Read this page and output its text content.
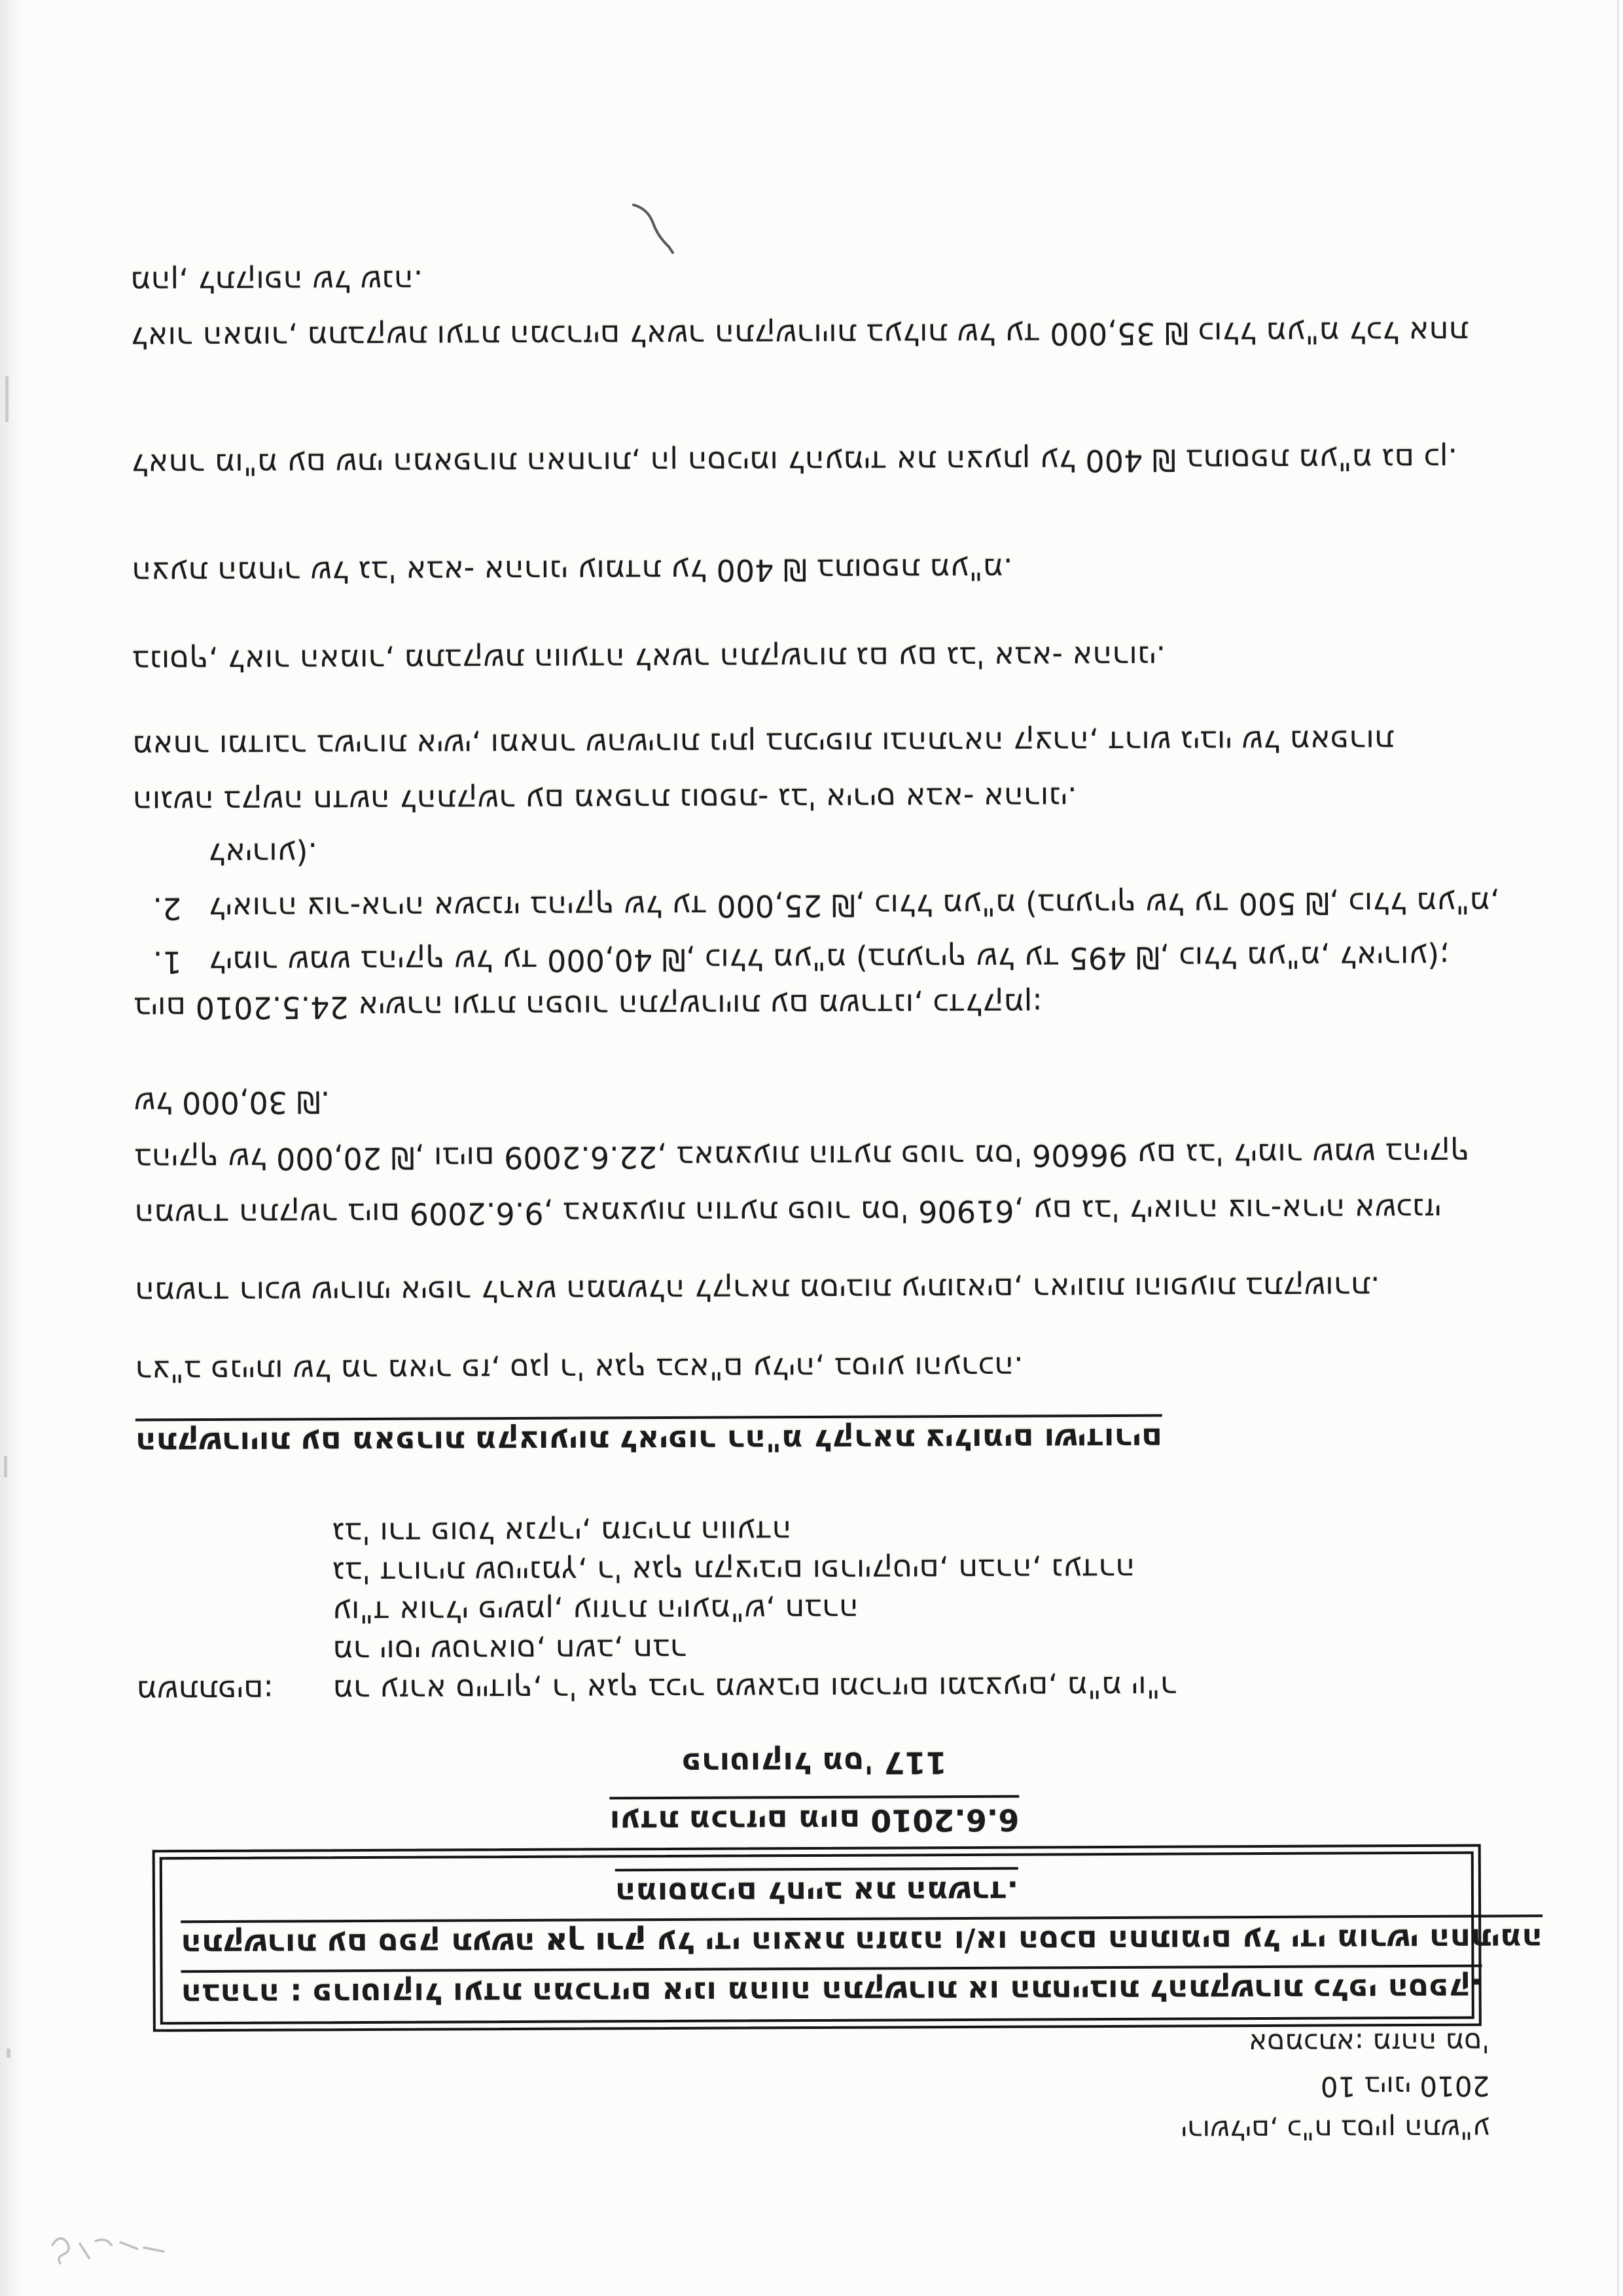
ירושלים, כ"ח בסיון התש"ע
10 ביוני 2010
אסמכתא: מזהה מס'
הבהרה : פרוטוקול ועדת המכרזים אינו מהווה התקשרות או התחייבות להתקשרות כלפי הספק.
התקשרות עם ספק תעשה אך ורק על ידי הוצאת הזמנה ו/או הסכם החתומים על ידי מורשי החתימה
המוסמכים לחייב את המשרד.
ועדת מכרזים מיום 6.6.2010
פרוטוקול מס' 117
משתתפים:	מר עזרא סיידוף, ר' אגף בכיר משאבים ומכרזים ומבצעים, מ"מ יו"ר
מר יוסי שטראוס, חשב, חבר
עו"ד אורלי פישמן, עוזרת היועמ"ש, חברה
גב' דרורית שטיינמץ, ר' אגף תקציבים ופרויקטים, חברה, נעדרה
גב' ורד פוטל אנקרי, מזכירת הוועדה
התקשרויות עם מאפרות מקצועיות לאיפור רה"מ לקראת צילומים ושידורים
רצ"ב פנייתו של מר מאיר פז, סגן ר' אגף בכא"ם עליה, בסיוע והערכה.
המשרד רוכש שירותי איפור לראש הממשלה לקראת מסיבות עיתונאים, ראיונות והופעות בתקשורת.
המשרד התקשר ביום 9.6.2009, באמצעות הודעת פטור מס' 61906, עם גב' ליאורה צור-אריה אשכנזי
בהיקף של 20,000 ₪, וביום 22.6.2009, באמצעות הודעת פטור מס' 96606 עם גב' לימור שמש בהיקף
של 30,000 ₪.
ביום 24.5.2010 אישרה ועדת הפטור התקשרויות עם משרדנו, כדלקמן:
1.	לימור שמש בהיקף של עד 40,000 ₪, כולל מע"מ (בתעריף של עד 495 ₪, כולל מע"מ, לאירוע);
2.	ליאורה צור-אריה אשכנזי בהיקף של עד 25,000 ₪, כולל מע"מ (בתעריף של עד 500 ₪, כולל מע"מ,
לאירוע).
הוגשה בקשה חדשה להתקשר עם מאפרת נוספת- גב' איריס אבא- אהרוני.
מאחר ומדובר בשירות אישי, ומאחר שהשירות ניתן בתכיפות ובהתראה קצרה, דרוש גיבוי של מאפרות
בנוסף, לאור האמור, מתבקשת הוועדה לאשר התקשרות גם עם גב' אבא- אהרוני.
הצעת המחיר של גב' אבא- אהרוני עומדת על 400 ₪ בתוספת מע"מ.
לאחר מו"מ עם שתי המאפרות האחרות, הן הסכימו להעמיד את הצעתן על 400 ₪ בתוספת מע"מ גם כן.
לאור האמור, מתבקשת ועדת המכרזים לאשר התקשרויות בעלות של עד 35,000 ₪ כולל מע"מ לכל אחת
מהן, לתקופה של שנה.
